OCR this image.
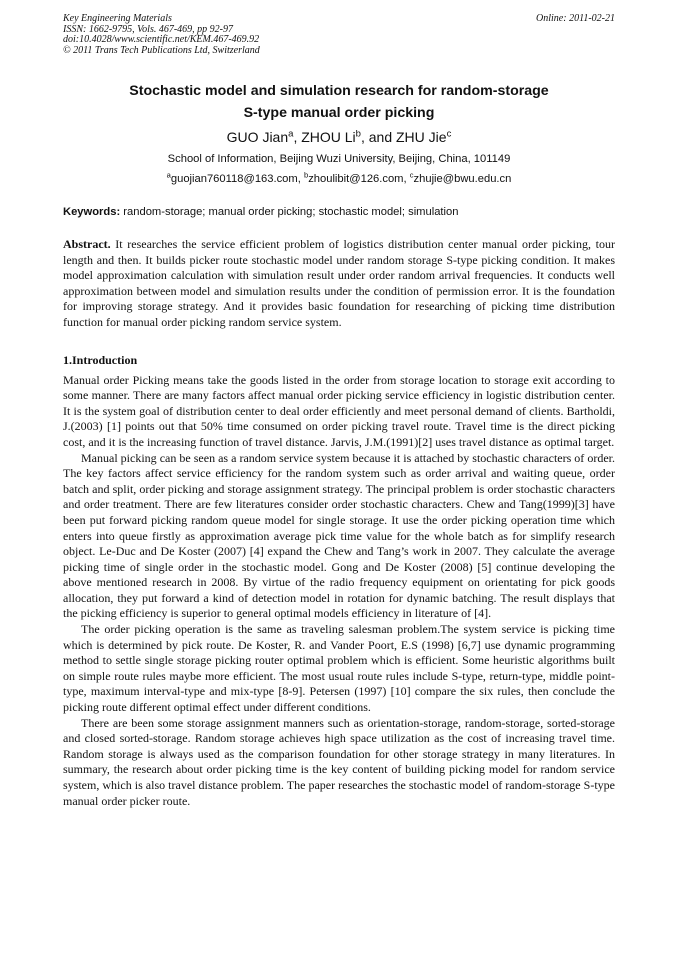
Key Engineering Materials
ISSN: 1662-9795, Vols. 467-469, pp 92-97
doi:10.4028/www.scientific.net/KEM.467-469.92
© 2011 Trans Tech Publications Ltd, Switzerland
Online: 2011-02-21
Stochastic model and simulation research for random-storage
S-type manual order picking
GUO Jian$^a$, ZHOU Li$^b$, and ZHU Jie$^c$
School of Information, Beijing Wuzi University, Beijing, China, 101149
$^a$guojian760118@163.com, $^b$zhoulibit@126.com, $^c$zhujie@bwu.edu.cn
Keywords: random-storage; manual order picking; stochastic model; simulation
Abstract. It researches the service efficient problem of logistics distribution center manual order picking, tour length and then. It builds picker route stochastic model under random storage S-type picking condition. It makes model approximation calculation with simulation result under order random arrival frequencies. It conducts well approximation between model and simulation results under the condition of permission error. It is the foundation for improving storage strategy. And it provides basic foundation for researching of picking time distribution function for manual order picking random service system.
1.Introduction

Manual order Picking means take the goods listed in the order from storage location to storage exit according to some manner. There are many factors affect manual order picking service efficiency in logistic distribution center. It is the system goal of distribution center to deal order efficiently and meet personal demand of clients. Bartholdi, J.(2003) [1] points out that 50% time consumed on order picking travel route. Travel time is the direct picking cost, and it is the increasing function of travel distance. Jarvis, J.M.(1991)[2] uses travel distance as optimal target.

Manual picking can be seen as a random service system because it is attached by stochastic characters of order. The key factors affect service efficiency for the random system such as order arrival and waiting queue, order batch and split, order picking and storage assignment strategy. The principal problem is order stochastic characters and order treatment. There are few literatures consider order stochastic characters. Chew and Tang(1999)[3] have been put forward picking random queue model for single storage. It use the order picking operation time which enters into queue firstly as approximation average pick time value for the whole batch as for simplify research object. Le-Duc and De Koster (2007) [4] expand the Chew and Tang’s work in 2007. They calculate the average picking time of single order in the stochastic model. Gong and De Koster (2008) [5] continue developing the above mentioned research in 2008. By virtue of the radio frequency equipment on orientating for pick goods allocation, they put forward a kind of detection model in rotation for dynamic batching. The result displays that the picking efficiency is superior to general optimal models efficiency in literature of [4].

The order picking operation is the same as traveling salesman problem.The system service is picking time which is determined by pick route. De Koster, R. and Vander Poort, E.S (1998) [6,7] use dynamic programming method to settle single storage picking router optimal problem which is efficient. Some heuristic algorithms built on simple route rules maybe more efficient. The most usual route rules include S-type, return-type, middle point-type, maximum interval-type and mix-type [8-9]. Petersen (1997) [10] compare the six rules, then conclude the picking route different optimal effect under different conditions.

There are been some storage assignment manners such as orientation-storage, random-storage, sorted-storage and closed sorted-storage. Random storage achieves high space utilization as the cost of increasing travel time. Random storage is always used as the comparison foundation for other storage strategy in many literatures. In summary, the research about order picking time is the key content of building picking model for random service system, which is also travel distance problem. The paper researches the stochastic model of random-storage S-type manual order picker route.
